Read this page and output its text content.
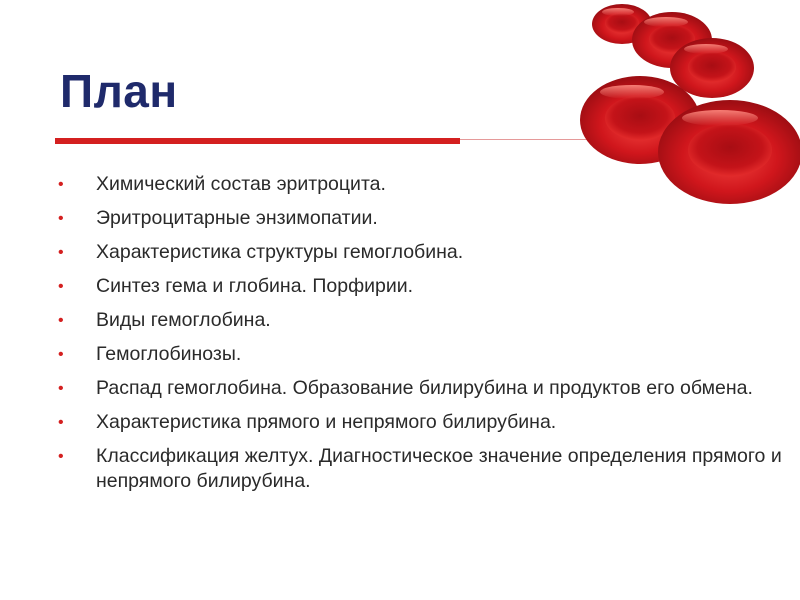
План
• Химический состав эритроцита.
• Эритроцитарные энзимопатии.
• Характеристика структуры гемоглобина.
• Синтез гема и глобина. Порфирии.
• Виды гемоглобина.
• Гемоглобинозы.
• Распад гемоглобина. Образование билирубина и продуктов его обмена.
• Характеристика прямого и непрямого билирубина.
• Классификация желтух. Диагностическое значение определения прямого и непрямого билирубина.
